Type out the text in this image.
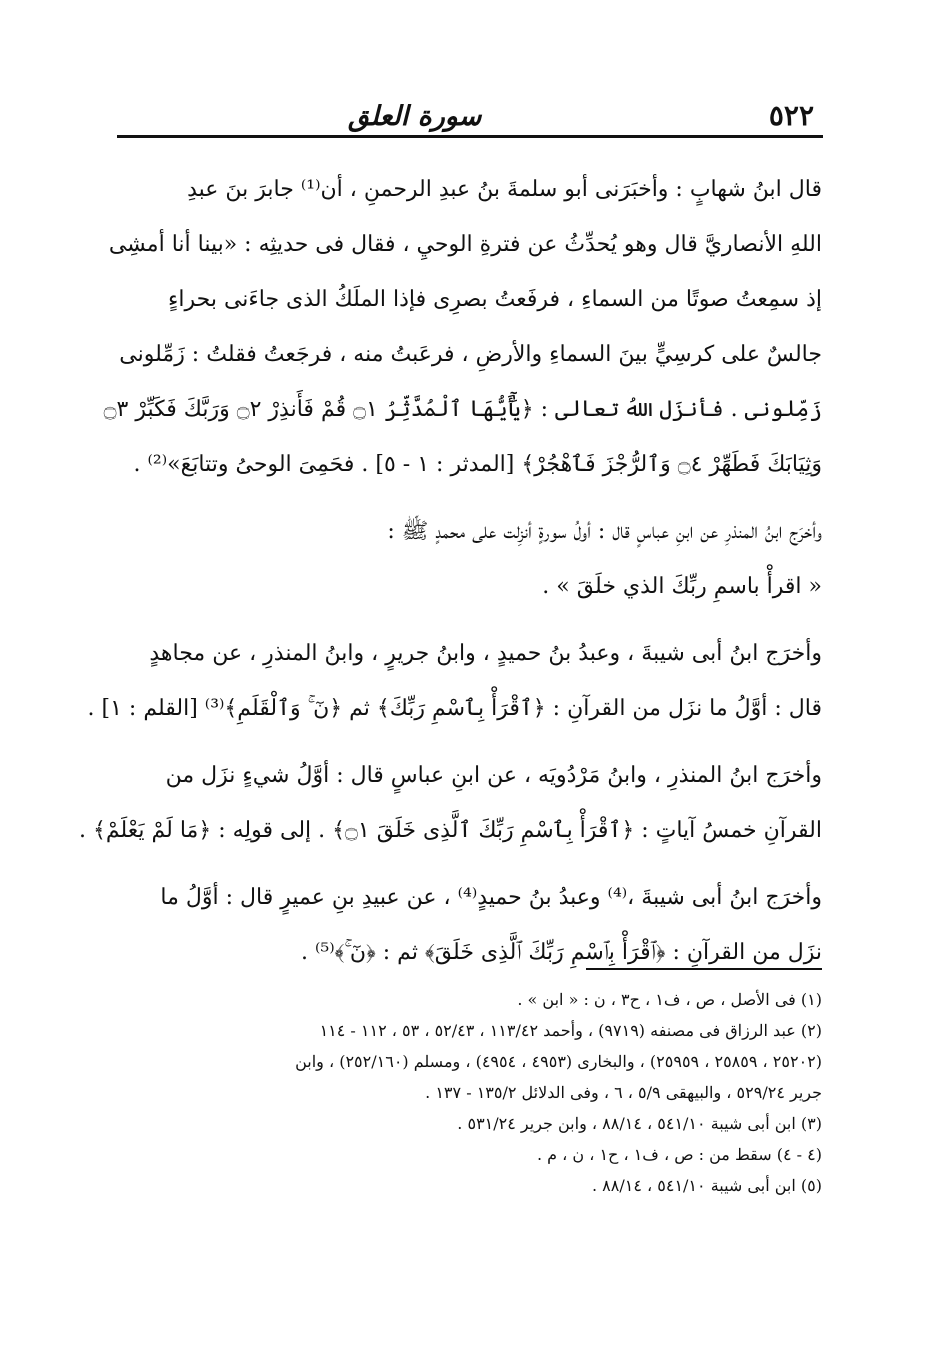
٥٢٢
سورة العلق
قال ابنُ شهابٍ : وأخبَرَنى أبو سلمةَ بنُ عبدِ الرحمنِ ، أن⁽¹⁾ جابرَ بنَ عبدِ
اللهِ الأنصاريَّ قال وهو يُحدِّثُ عن فترةِ الوحيِ ، فقال فى حديثِه : «بينا أنا أمشِى
إذ سمِعتُ صوتًا من السماءِ ، فرفَعتُ بصرِى فإذا الملَكُ الذى جاءَنى بحراءٍ
جالسٌ على كرسِيٍّ بينَ السماءِ والأرضِ ، فرعَبتُ منه ، فرجَعتُ فقلتُ : زَمِّلونى
زَمِّلونى . فأنزَل اللهُ تعالى : ﴿يَٰٓأَيُّهَا ٱلْمُدَّثِّرُ ۝١ قُمْ فَأَنذِرْ ۝٢ وَرَبَّكَ فَكَبِّرْ ۝٣
وَثِيَابَكَ فَطَهِّرْ ۝٤ وَٱلرُّجْزَ فَٱهْجُرْ﴾ [المدثر : ١ - ٥] . فحَمِىَ الوحىُ وتتابَعَ»⁽²⁾ .
وأخرَج ابنُ المنذرِ عن ابنِ عباسٍ قال : أولُ سورةٍ أنزِلت على محمدٍ ﷺ :
« اقرأْ باسمِ ربِّكَ الذي خلَقَ » .
وأخرَج ابنُ أبى شيبةَ ، وعبدُ بنُ حميدٍ ، وابنُ جريرٍ ، وابنُ المنذرِ ، عن مجاهدٍ
قال : أوَّلُ ما نزَل من القرآنِ : ﴿ٱقْرَأْ بِٱسْمِ رَبِّكَ﴾ ثم ﴿نٓ ۚ وَٱلْقَلَمِ﴾⁽³⁾ [القلم : ١] .
وأخرَج ابنُ المنذرِ ، وابنُ مَرْدُويَه ، عن ابنِ عباسٍ قال : أوَّلُ شيءٍ نزَل من
القرآنِ خمسُ آياتٍ : ﴿ٱقْرَأْ بِٱسْمِ رَبِّكَ ٱلَّذِى خَلَقَ ۝١﴾ . إلى قولِه : ﴿مَا لَمْ يَعْلَمْ﴾ .
وأخرَج ابنُ أبى شيبةَ ،⁽⁴⁾ وعبدُ بنُ حميدٍ⁽⁴⁾ ، عن عبيدِ بنِ عميرٍ قال : أوَّلُ ما
نزَل من القرآنِ : ﴿ٱقْرَأْ بِٱسْمِ رَبِّكَ ٱلَّذِى خَلَقَ﴾ ثم : ﴿نٓ ۚ﴾⁽⁵⁾ .
(١) فى الأصل ، ص ، ف١ ، ح٣ ، ن : « ابن » .
(٢) عبد الرزاق فى مصنفه (٩٧١٩) ، وأحمد ١١٣/٤٢ ، ٥٢/٤٣ ، ٥٣ ، ١١٢ - ١١٤
(٢٥٢٠٢ ، ٢٥٨٥٩ ، ٢٥٩٥٩) ، والبخارى (٤٩٥٣ ، ٤٩٥٤) ، ومسلم (٢٥٢/١٦٠) ، وابن
جرير ٥٢٩/٢٤ ، والبيهقى ٥/٩ ، ٦ ، وفى الدلائل ١٣٥/٢ - ١٣٧ .
(٣) ابن أبى شيبة ٥٤١/١٠ ، ٨٨/١٤ ، وابن جرير ٥٣١/٢٤ .
(٤ - ٤) سقط من : ص ، ف١ ، ح١ ، ن ، م .
(٥) ابن أبى شيبة ٥٤١/١٠ ، ٨٨/١٤ .
